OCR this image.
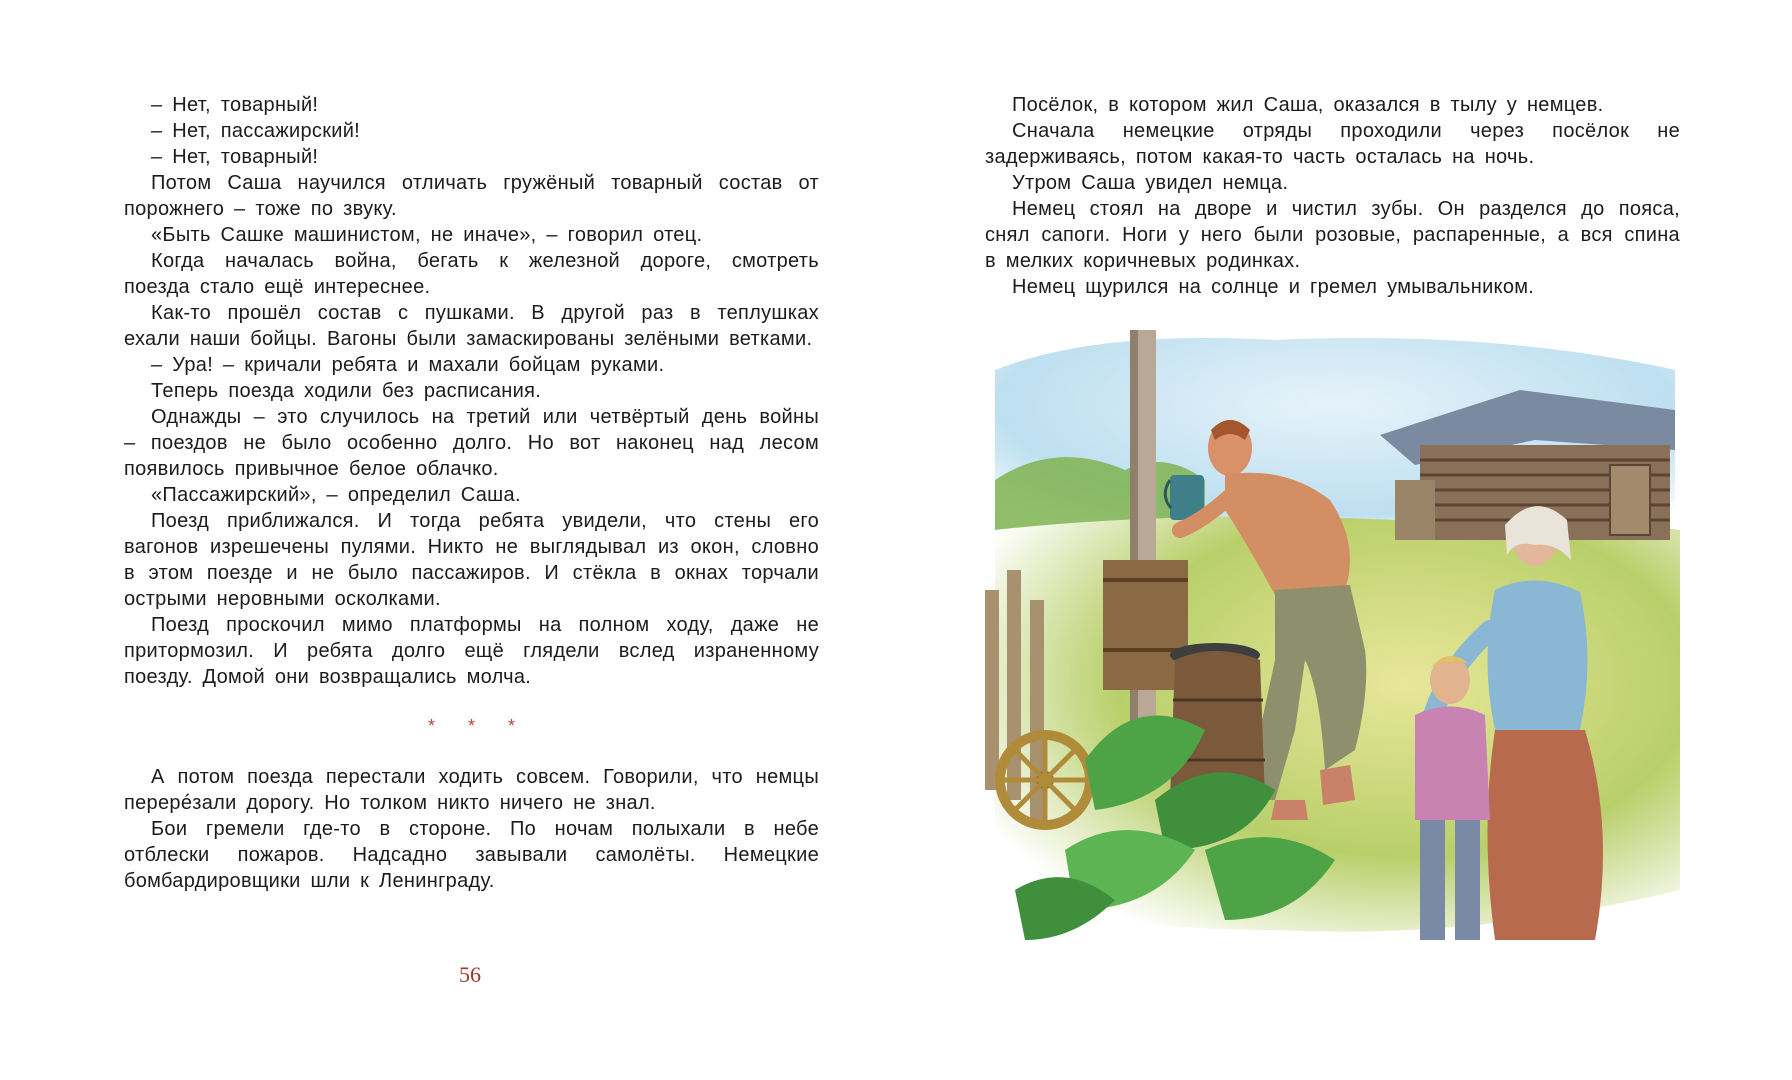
– Нет, товарный!

– Нет, пассажирский!

– Нет, товарный!

Потом Саша научился отличать гружёный товарный состав от порожнего – тоже по звуку.

«Быть Сашке машинистом, не иначе», – говорил отец.

Когда началась война, бегать к железной дороге, смотреть поезда стало ещё интереснее.

Как-то прошёл состав с пушками. В другой раз в теплушках ехали наши бойцы. Вагоны были замаскированы зелёными ветками.

– Ура! – кричали ребята и махали бойцам руками.

Теперь поезда ходили без расписания.

Однажды – это случилось на третий или четвёртый день войны – поездов не было особенно долго. Но вот наконец над лесом появилось привычное белое облачко.

«Пассажирский», – определил Саша.

Поезд приближался. И тогда ребята увидели, что стены его вагонов изрешечены пулями. Никто не выглядывал из окон, словно в этом поезде и не было пассажиров. И стёкла в окнах торчали острыми неровными осколками.

Поезд проскочил мимо платформы на полном ходу, даже не притормозил. И ребята долго ещё глядели вслед израненному поезду. Домой они возвращались молча.

* * *

А потом поезда перестали ходить совсем. Говорили, что немцы перерéзали дорогу. Но толком никто ничего не знал.

Бои гремели где-то в стороне. По ночам полыхали в небе отблески пожаров. Надсадно завывали самолёты. Немецкие бомбардировщики шли к Ленинграду.

56

Посёлок, в котором жил Саша, оказался в тылу у немцев.

Сначала немецкие отряды проходили через посёлок не задерживаясь, потом какая-то часть осталась на ночь.

Утром Саша увидел немца.

Немец стоял на дворе и чистил зубы. Он разделся до пояса, снял сапоги. Ноги у него были розовые, распаренные, а вся спина в мелких коричневых родинках.

Немец щурился на солнце и гремел умывальником.
